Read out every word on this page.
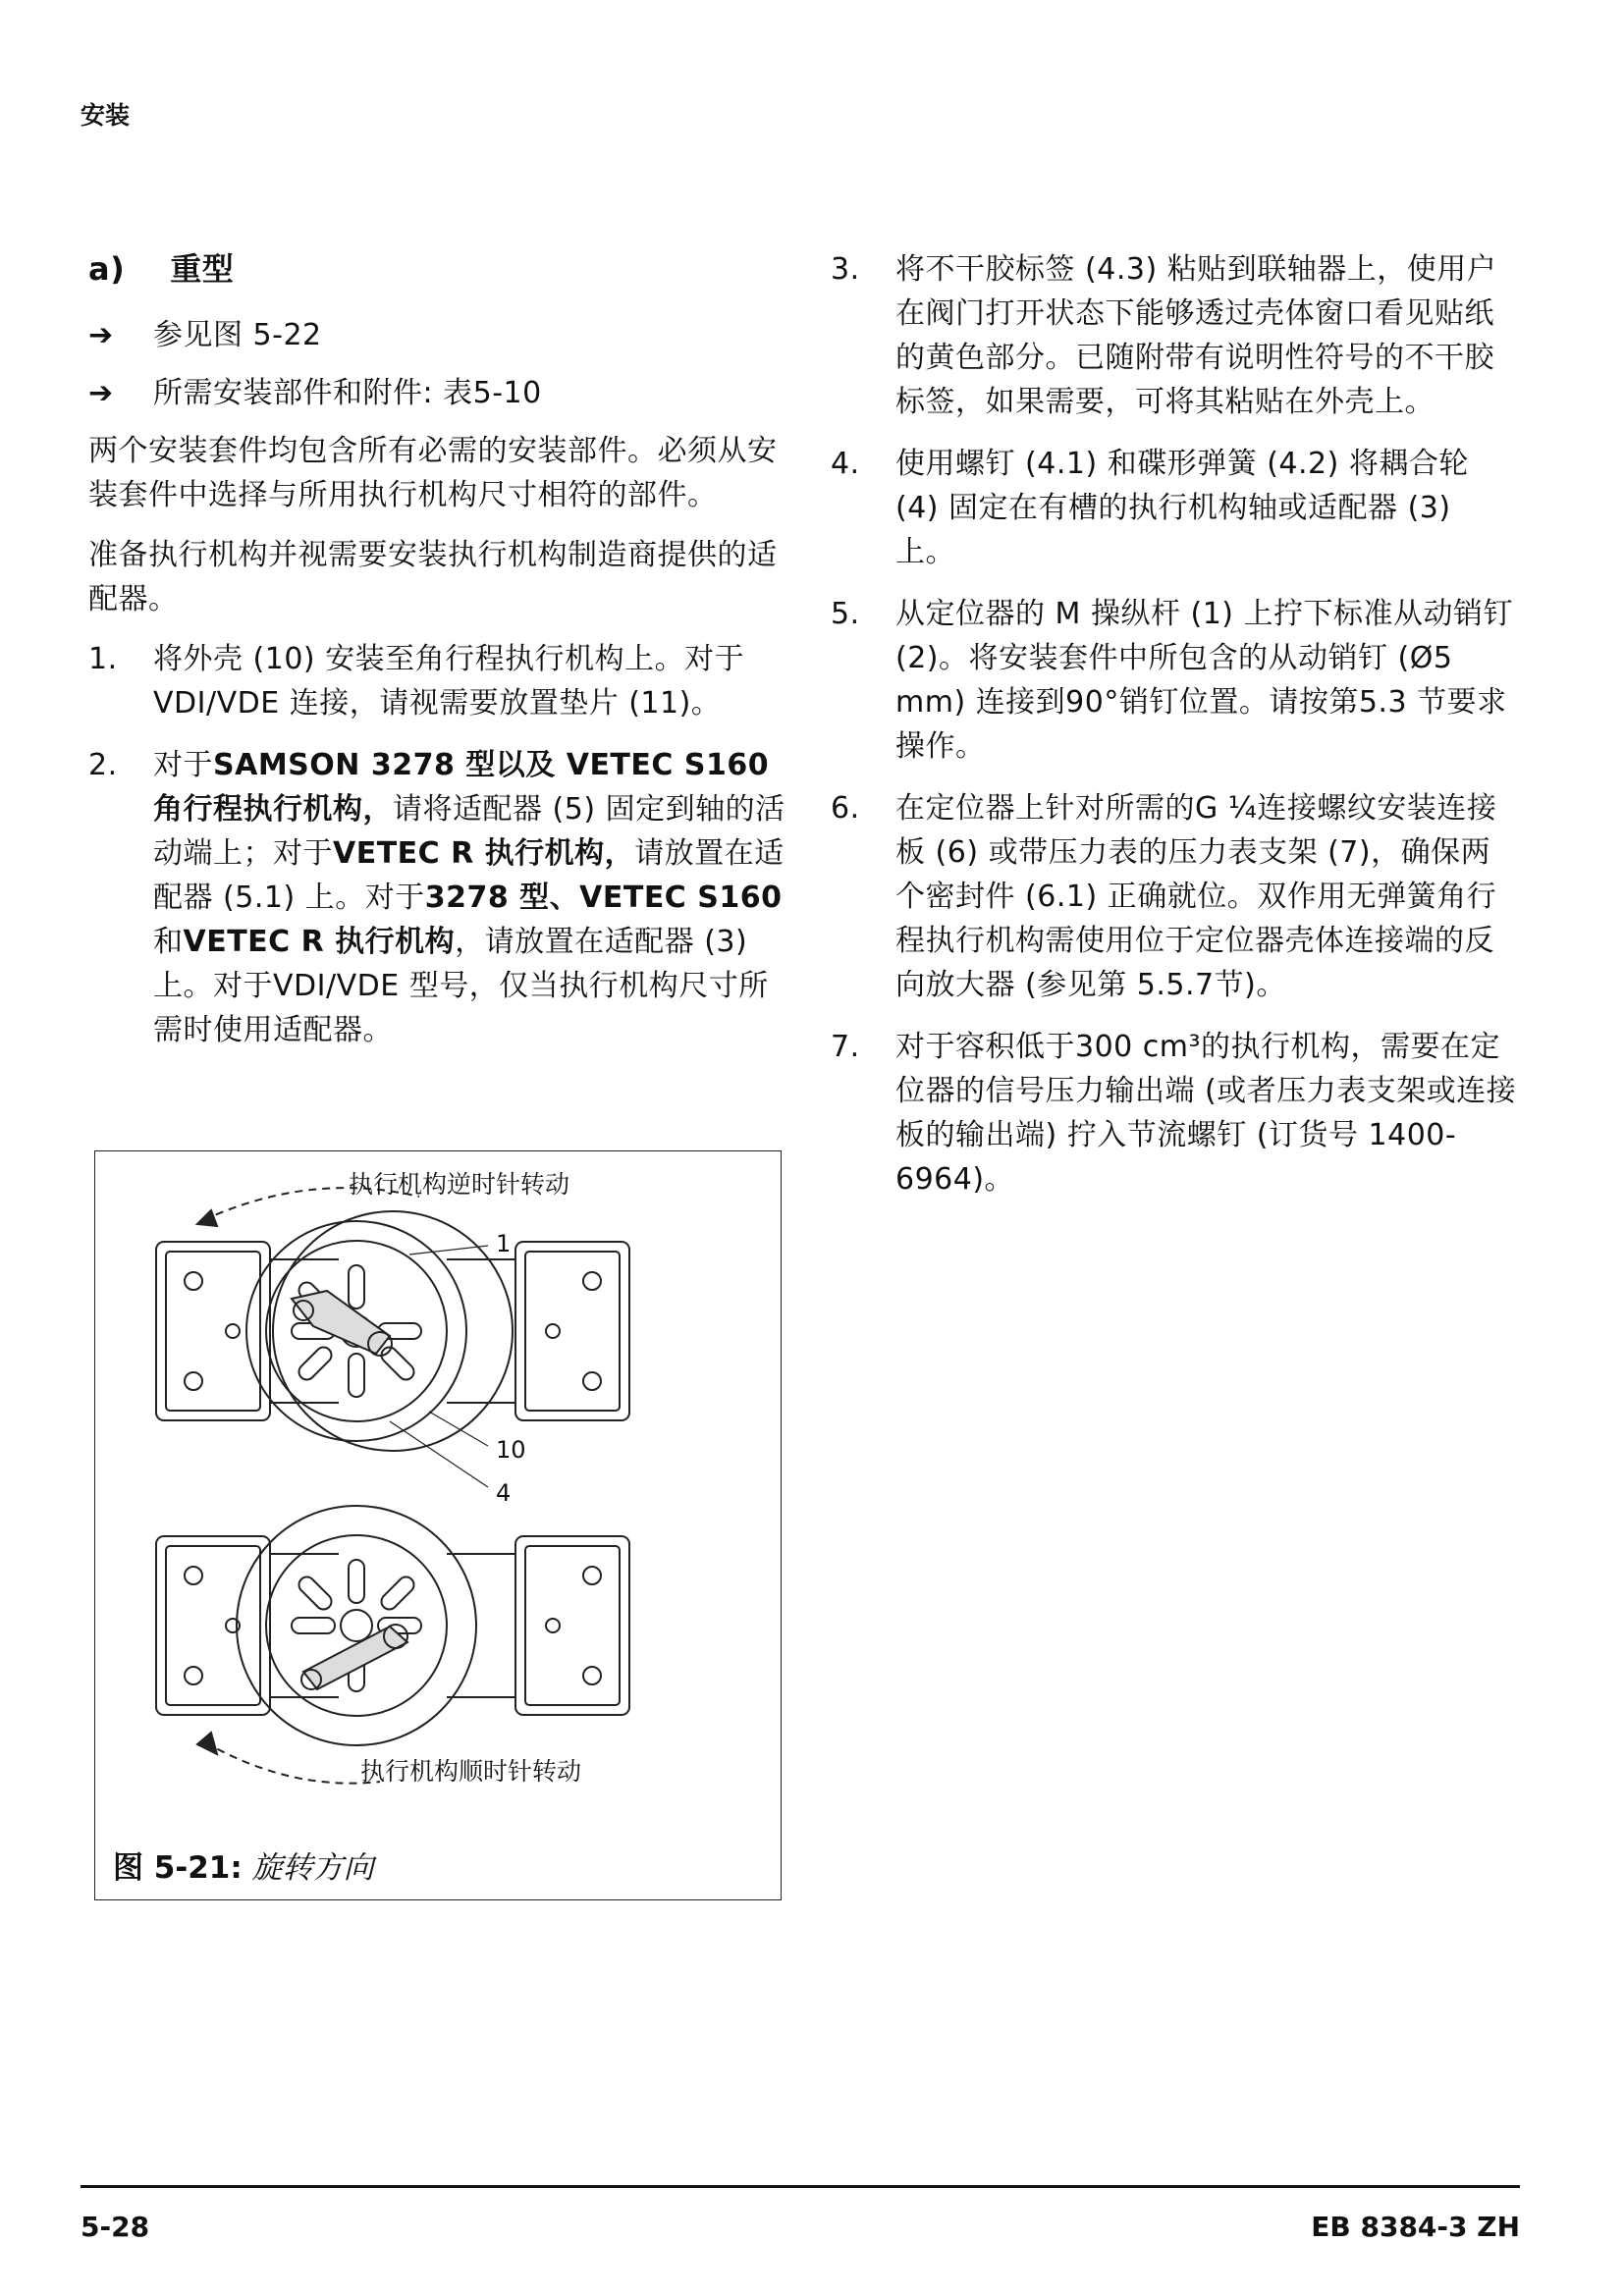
安装
a) 重型
➔	参见图 5-22
➔	所需安装部件和附件: 表5-10

两个安装套件均包含所有必需的安装部件。必须从安装套件中选择与所用执行机构尺寸相符的部件。

准备执行机构并视需要安装执行机构制造商提供的适配器。

1.	将外壳 (10) 安装至角行程执行机构上。对于VDI/VDE 连接，请视需要放置垫片 (11)。
2.	对于SAMSON 3278 型以及 VETEC S160 角行程执行机构，请将适配器 (5) 固定到轴的活动端上；对于VETEC R 执行机构，请放置在适配器 (5.1) 上。对于3278 型、VETEC S160和VETEC R 执行机构，请放置在适配器 (3) 上。对于VDI/VDE 型号，仅当执行机构尺寸所需时使用适配器。
执行机构逆时针转动
1
10
4
执行机构顺时针转动
图 5-21: 旋转方向
3.	将不干胶标签 (4.3) 粘贴到联轴器上，使用户在阀门打开状态下能够透过壳体窗口看见贴纸的黄色部分。已随附带有说明性符号的不干胶标签，如果需要，可将其粘贴在外壳上。
4.	使用螺钉 (4.1) 和碟形弹簧 (4.2) 将耦合轮 (4) 固定在有槽的执行机构轴或适配器 (3) 上。
5.	从定位器的 M 操纵杆 (1) 上拧下标准从动销钉 (2)。将安装套件中所包含的从动销钉 (Ø5 mm) 连接到90°销钉位置。请按第5.3 节要求操作。
6.	在定位器上针对所需的G ¼连接螺纹安装连接板 (6) 或带压力表的压力表支架 (7)，确保两个密封件 (6.1) 正确就位。双作用无弹簧角行程执行机构需使用位于定位器壳体连接端的反向放大器 (参见第 5.5.7节)。
7.	对于容积低于300 cm³的执行机构，需要在定位器的信号压力输出端 (或者压力表支架或连接板的输出端) 拧入节流螺钉 (订货号 1400-6964)。
5-28	EB 8384-3 ZH
